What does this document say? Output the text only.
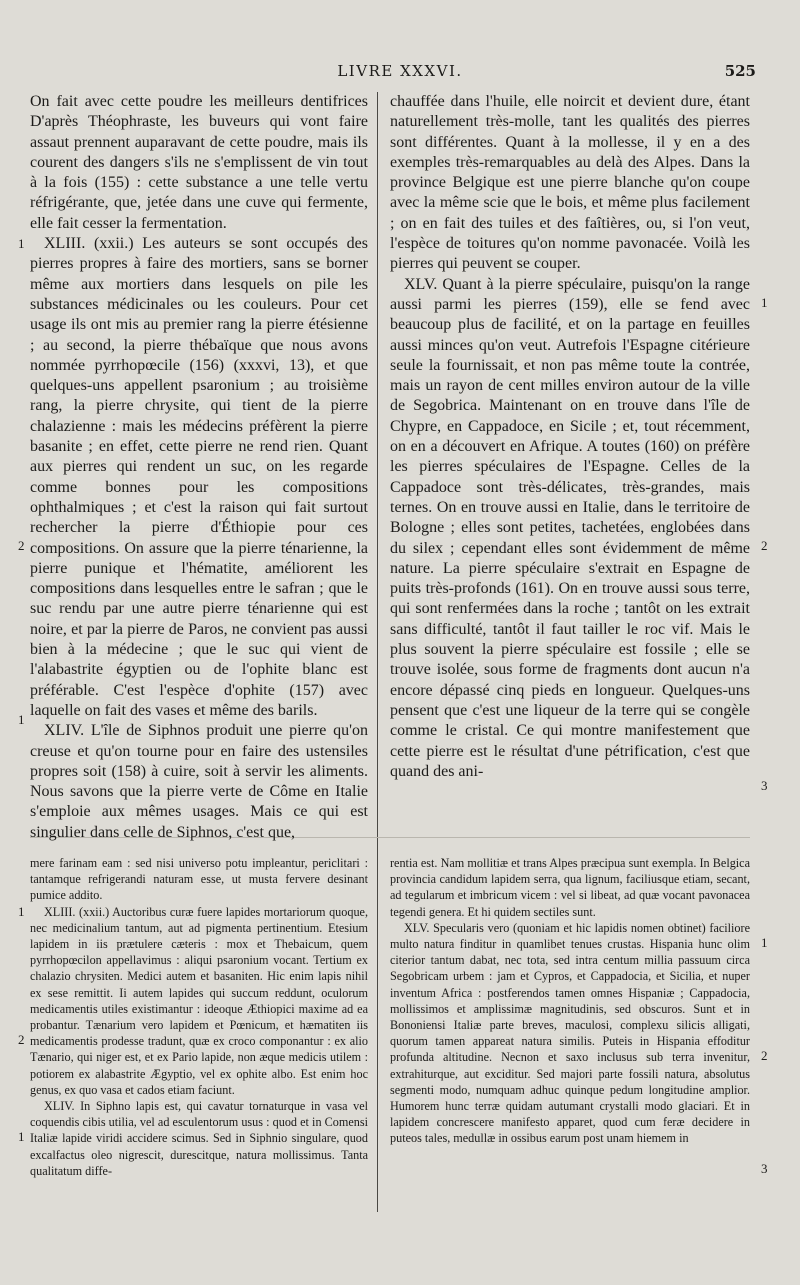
LIVRE XXXVI.	525

On fait avec cette poudre les meilleurs dentifrices D'après Théophraste, les buveurs qui vont faire assaut prennent auparavant de cette poudre, mais ils courent des dangers s'ils ne s'emplissent de vin tout à la fois (155) : cette substance a une telle vertu réfrigérante, que, jetée dans une cuve qui fermente, elle fait cesser la fermentation.

XLIII. (xxii.) Les auteurs se sont occupés des pierres propres à faire des mortiers, sans se borner même aux mortiers dans lesquels on pile les substances médicinales ou les couleurs. Pour cet usage ils ont mis au premier rang la pierre étésienne ; au second, la pierre thébaïque que nous avons nommée pyrrhopœcile (156) (xxxvi, 13), et que quelques-uns appellent psaronium ; au troisième rang, la pierre chrysite, qui tient de la pierre chalazienne : mais les médecins préfèrent la pierre basanite ; en effet, cette pierre ne rend rien. Quant aux pierres qui rendent un suc, on les regarde comme bonnes pour les compositions ophthalmiques ; et c'est la raison qui fait surtout rechercher la pierre d'Éthiopie pour ces compositions. On assure que la pierre ténarienne, la pierre punique et l'hématite, améliorent les compositions dans lesquelles entre le safran ; que le suc rendu par une autre pierre ténarienne qui est noire, et par la pierre de Paros, ne convient pas aussi bien à la médecine ; que le suc qui vient de l'alabastrite égyptien ou de l'ophite blanc est préférable. C'est l'espèce d'ophite (157) avec laquelle on fait des vases et même des barils.

XLIV. L'île de Siphnos produit une pierre qu'on creuse et qu'on tourne pour en faire des ustensiles propres soit (158) à cuire, soit à servir les aliments. Nous savons que la pierre verte de Côme en Italie s'emploie aux mêmes usages. Mais ce qui est singulier dans celle de Siphnos, c'est que,

chauffée dans l'huile, elle noircit et devient dure, étant naturellement très-molle, tant les qualités des pierres sont différentes. Quant à la mollesse, il y en a des exemples très-remarquables au delà des Alpes. Dans la province Belgique est une pierre blanche qu'on coupe avec la même scie que le bois, et même plus facilement ; on en fait des tuiles et des faîtières, ou, si l'on veut, l'espèce de toitures qu'on nomme pavonacée. Voilà les pierres qui peuvent se couper.

XLV. Quant à la pierre spéculaire, puisqu'on la range aussi parmi les pierres (159), elle se fend avec beaucoup plus de facilité, et on la partage en feuilles aussi minces qu'on veut. Autrefois l'Espagne citérieure seule la fournissait, et non pas même toute la contrée, mais un rayon de cent milles environ autour de la ville de Segobrica. Maintenant on en trouve dans l'île de Chypre, en Cappadoce, en Sicile ; et, tout récemment, on en a découvert en Afrique. A toutes (160) on préfère les pierres spéculaires de l'Espagne. Celles de la Cappadoce sont très-délicates, très-grandes, mais ternes. On en trouve aussi en Italie, dans le territoire de Bologne ; elles sont petites, tachetées, englobées dans du silex ; cependant elles sont évidemment de même nature. La pierre spéculaire s'extrait en Espagne de puits très-profonds (161). On en trouve aussi sous terre, qui sont renfermées dans la roche ; tantôt on les extrait sans difficulté, tantôt il faut tailler le roc vif. Mais le plus souvent la pierre spéculaire est fossile ; elle se trouve isolée, sous forme de fragments dont aucun n'a encore dépassé cinq pieds en longueur. Quelques-uns pensent que c'est une liqueur de la terre qui se congèle comme le cristal. Ce qui montre manifestement que cette pierre est le résultat d'une pétrification, c'est que quand des ani-

mere farinam eam : sed nisi universo potu impleantur, periclitari : tantamque refrigerandi naturam esse, ut musta fervere desinant pumice addito.

XLIII. (xxii.) Auctoribus curæ fuere lapides mortariorum quoque, nec medicinalium tantum, aut ad pigmenta pertinentium. Etesium lapidem in iis prætulere cæteris : mox et Thebaicum, quem pyrrhopœcilon appellavimus : aliqui psaronium vocant. Tertium ex chalazio chrysiten. Medici autem et basaniten. Hic enim lapis nihil ex sese remittit. Ii autem lapides qui succum reddunt, oculorum medicamentis utiles existimantur : ideoque Æthiopici maxime ad ea probantur. Tænarium vero lapidem et Pœnicum, et hæmatiten iis medicamentis prodesse tradunt, quæ ex croco componantur : ex alio Tænario, qui niger est, et ex Pario lapide, non æque medicis utilem : potiorem ex alabastrite Ægyptio, vel ex ophite albo. Est enim hoc genus, ex quo vasa et cados etiam faciunt.

XLIV. In Siphno lapis est, qui cavatur tornaturque in vasa vel coquendis cibis utilia, vel ad esculentorum usus : quod et in Comensi Italiæ lapide viridi accidere scimus. Sed in Siphnio singulare, quod excalfactus oleo nigrescit, durescitque, natura mollissimus. Tanta qualitatum diffe-

rentia est. Nam mollitiæ et trans Alpes præcipua sunt exempla. In Belgica provincia candidum lapidem serra, qua lignum, faciliusque etiam, secant, ad tegularum et imbricum vicem : vel si libeat, ad quæ vocant pavonacea tegendi genera. Et hi quidem sectiles sunt.

XLV. Specularis vero (quoniam et hic lapidis nomen obtinet) faciliore multo natura finditur in quamlibet tenues crustas. Hispania hunc olim citerior tantum dabat, nec tota, sed intra centum millia passuum circa Segobricam urbem : jam et Cypros, et Cappadocia, et Sicilia, et nuper inventum Africa : postferendos tamen omnes Hispaniæ ; Cappadocia, mollissimos et amplissimæ magnitudinis, sed obscuros. Sunt et in Bononiensi Italiæ parte breves, maculosi, complexu silicis alligati, quorum tamen appareat natura similis. Puteis in Hispania effoditur profunda altitudine. Necnon et saxo inclusus sub terra invenitur, extrahiturque, aut exciditur. Sed majori parte fossili natura, absolutus segmenti modo, numquam adhuc quinque pedum longitudine amplior. Humorem hunc terræ quidam autumant crystalli modo glaciari. Et in lapidem concrescere manifesto apparet, quod cum feræ decidere in puteos tales, medullæ in ossibus earum post unam hiemem in

1
2
1
1
2
3
1
2
1
1
2
3
